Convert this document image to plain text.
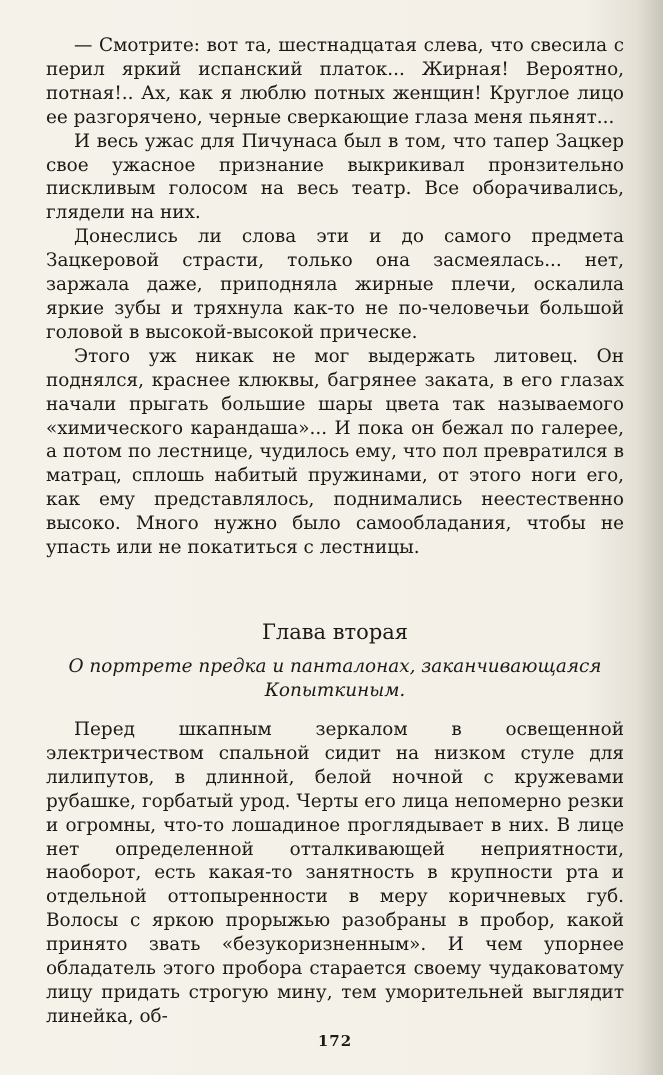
— Смотрите: вот та, шестнадцатая слева, что свесила с перил яркий испанский платок... Жирная! Вероятно, потная!.. Ах, как я люблю потных женщин! Круглое лицо ее разгорячено, черные сверкающие глаза меня пьянят...

И весь ужас для Пичунаса был в том, что тапер Зацкер свое ужасное признание выкрикивал пронзительно пискливым голосом на весь театр. Все оборачивались, глядели на них.

Донеслись ли слова эти и до самого предмета Зацкеровой страсти, только она засмеялась... нет, заржала даже, приподняла жирные плечи, оскалила яркие зубы и тряхнула как-то не по-человечьи большой головой в высокой-высокой прическе.

Этого уж никак не мог выдержать литовец. Он поднялся, краснее клюквы, багрянее заката, в его глазах начали прыгать большие шары цвета так называемого «химического карандаша»... И пока он бежал по галерее, а потом по лестнице, чудилось ему, что пол превратился в матрац, сплошь набитый пружинами, от этого ноги его, как ему представлялось, поднимались неестественно высоко. Много нужно было самообладания, чтобы не упасть или не покатиться с лестницы.

Глава вторая
О портрете предка и панталонах, заканчивающаяся
Копыткиным.

Перед шкапным зеркалом в освещенной электричеством спальной сидит на низком стуле для лилипутов, в длинной, белой ночной с кружевами рубашке, горбатый урод. Черты его лица непомерно резки и огромны, что-то лошадиное проглядывает в них. В лице нет определенной отталкивающей неприятности, наоборот, есть какая-то занятность в крупности рта и отдельной оттопыренности в меру коричневых губ. Волосы с яркою прорыжью разобраны в пробор, какой принято звать «безукоризненным». И чем упорнее обладатель этого пробора старается своему чудаковатому лицу придать строгую мину, тем уморительней выглядит линейка, об-

172
